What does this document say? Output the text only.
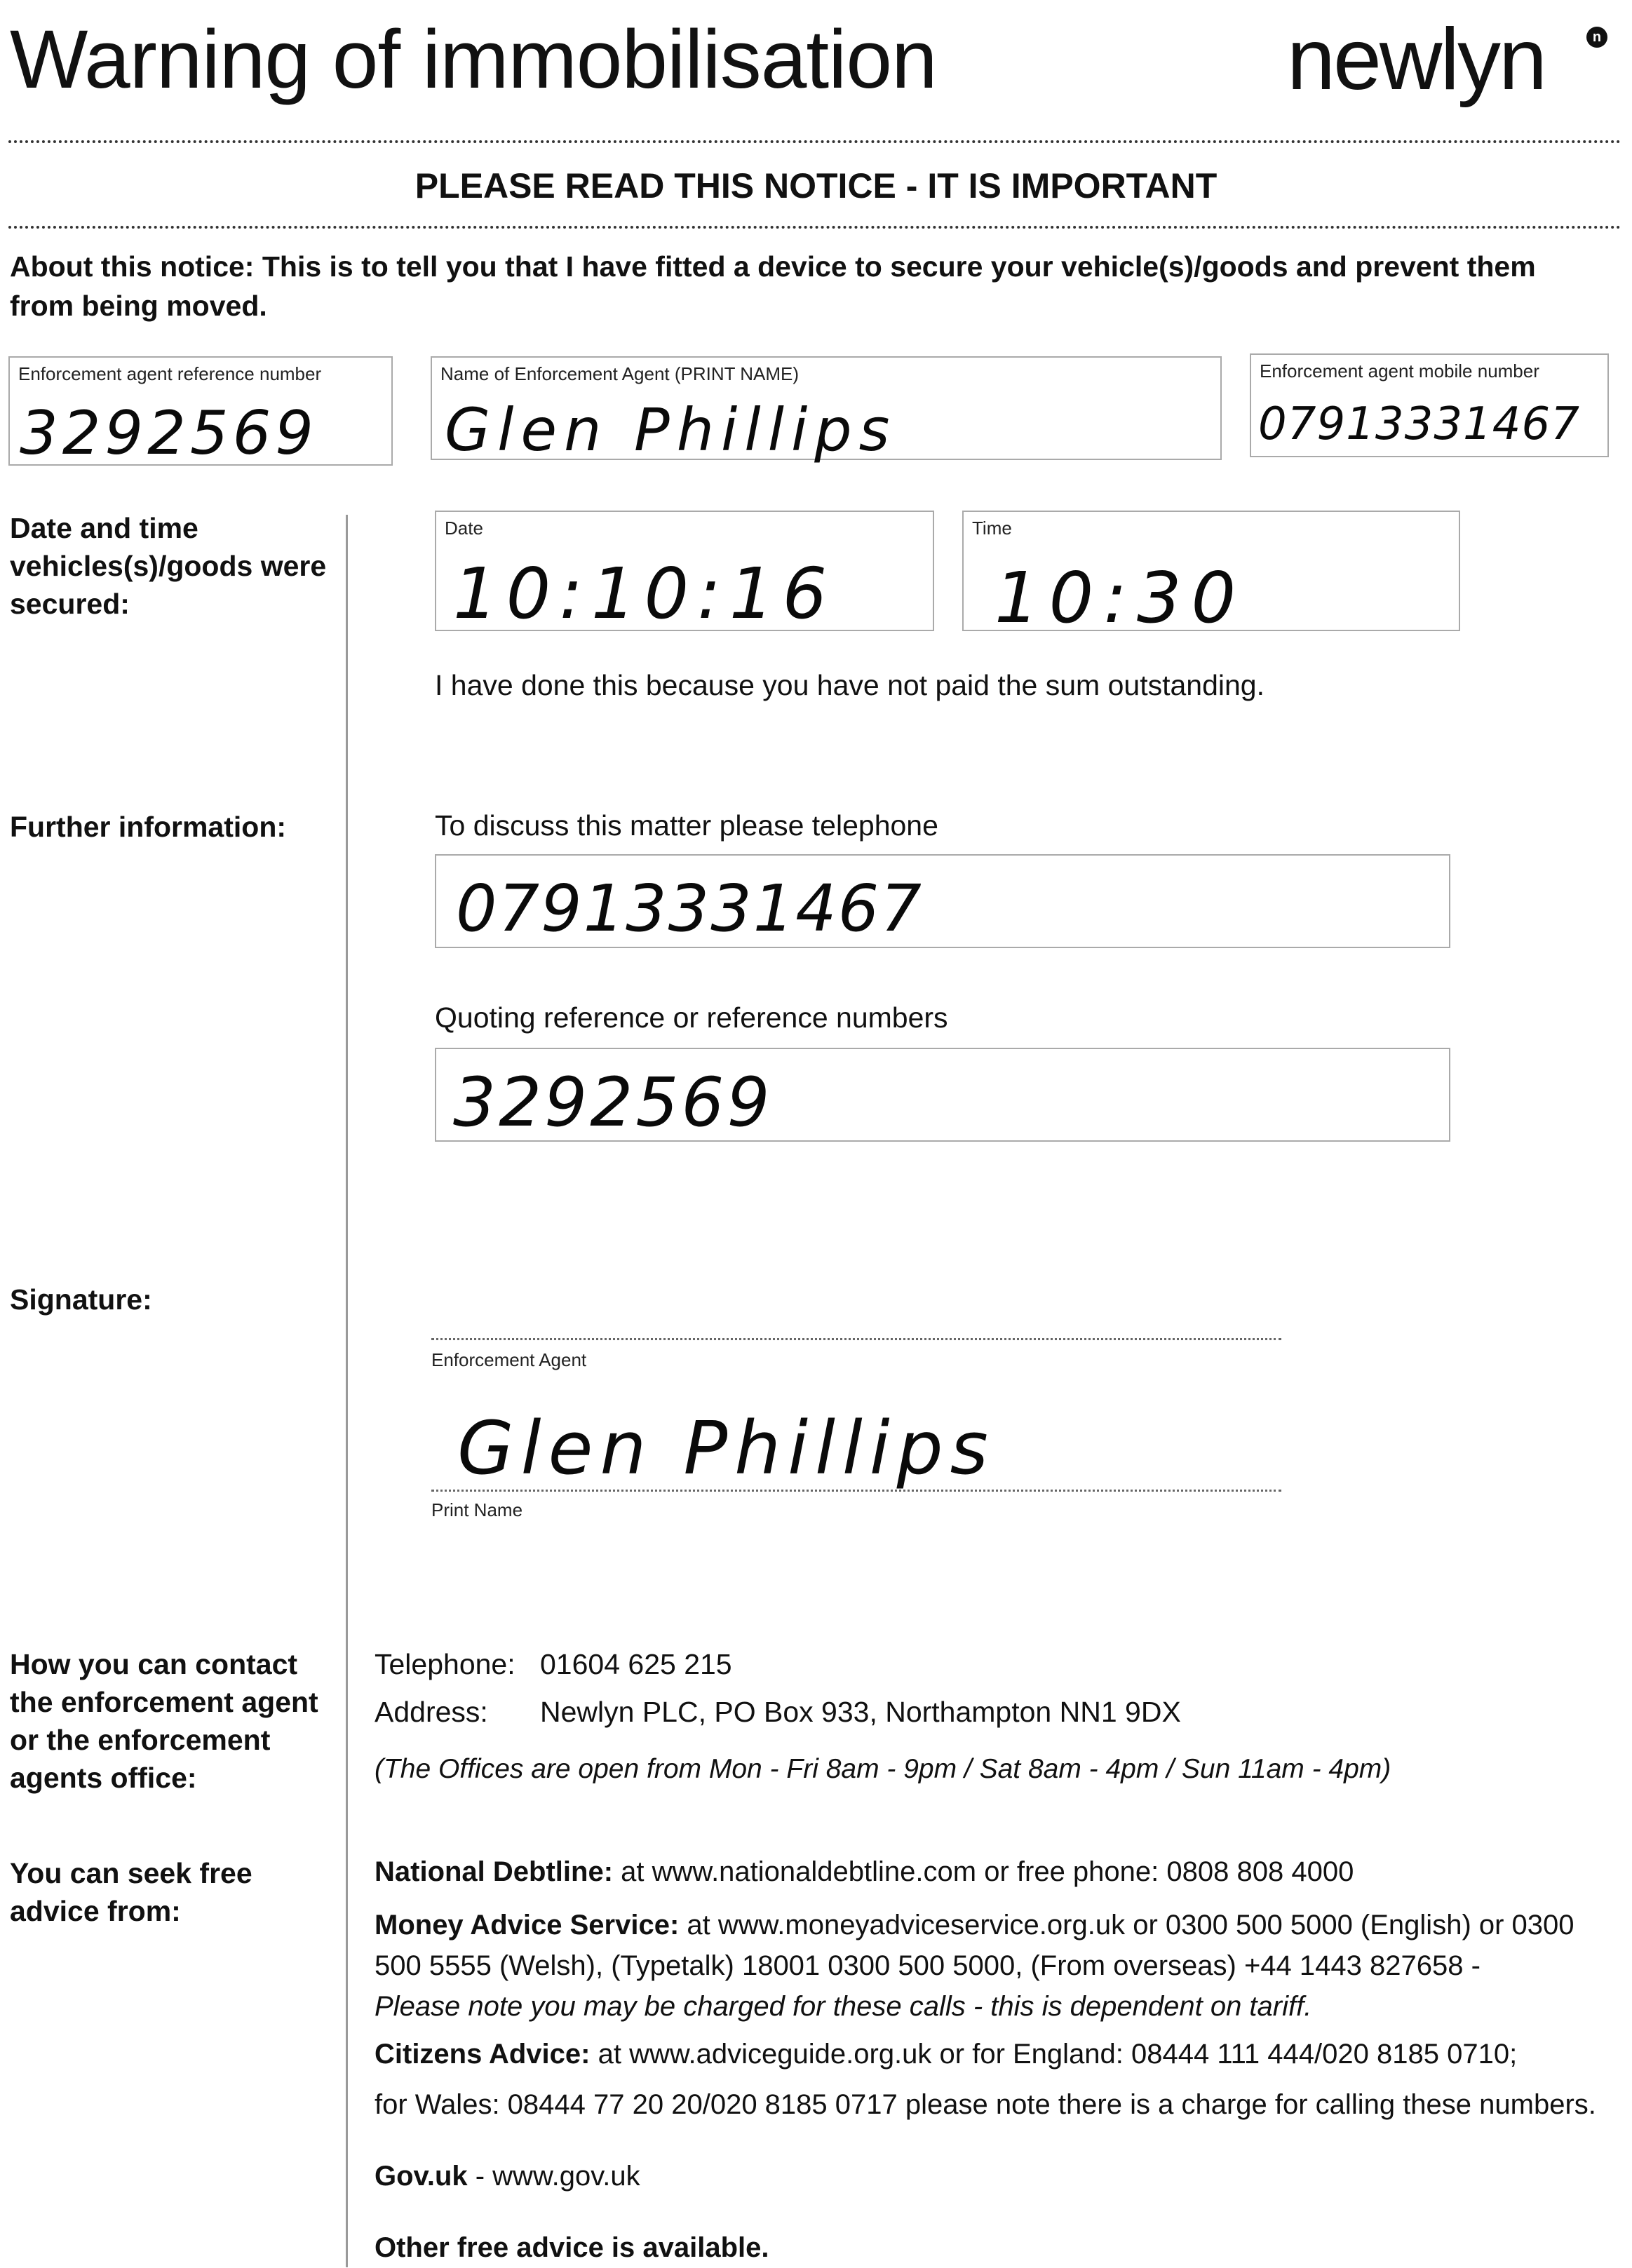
Warning of immobilisation	newlyn	n
PLEASE READ THIS NOTICE - IT IS IMPORTANT
About this notice: This is to tell you that I have fitted a device to secure your vehicle(s)/goods and prevent them from being moved.
Enforcement agent reference number
3292569
Name of Enforcement Agent (PRINT NAME)
Glen Phillips
Enforcement agent mobile number
07913331467
Date and time vehicles(s)/goods were secured:
Date
10:10:16
Time
10:30
I have done this because you have not paid the sum outstanding.
Further information:	To discuss this matter please telephone
07913331467
Quoting reference or reference numbers
3292569
Signature:
Enforcement Agent
Glen Phillips
Print Name
How you can contact the enforcement agent or the enforcement agents office:
Telephone: 01604 625 215
Address: Newlyn PLC, PO Box 933, Northampton NN1 9DX
(The Offices are open from Mon - Fri 8am - 9pm / Sat 8am - 4pm / Sun 11am - 4pm)
You can seek free advice from:
National Debtline: at www.nationaldebtline.com or free phone: 0808 808 4000
Money Advice Service: at www.moneyadviceservice.org.uk or 0300 500 5000 (English) or 0300 500 5555 (Welsh), (Typetalk) 18001 0300 500 5000, (From overseas) +44 1443 827658 -
Please note you may be charged for these calls - this is dependent on tariff.
Citizens Advice: at www.adviceguide.org.uk or for England: 08444 111 444/020 8185 0710;
for Wales: 08444 77 20 20/020 8185 0717 please note there is a charge for calling these numbers.
Gov.uk - www.gov.uk
Other free advice is available.
